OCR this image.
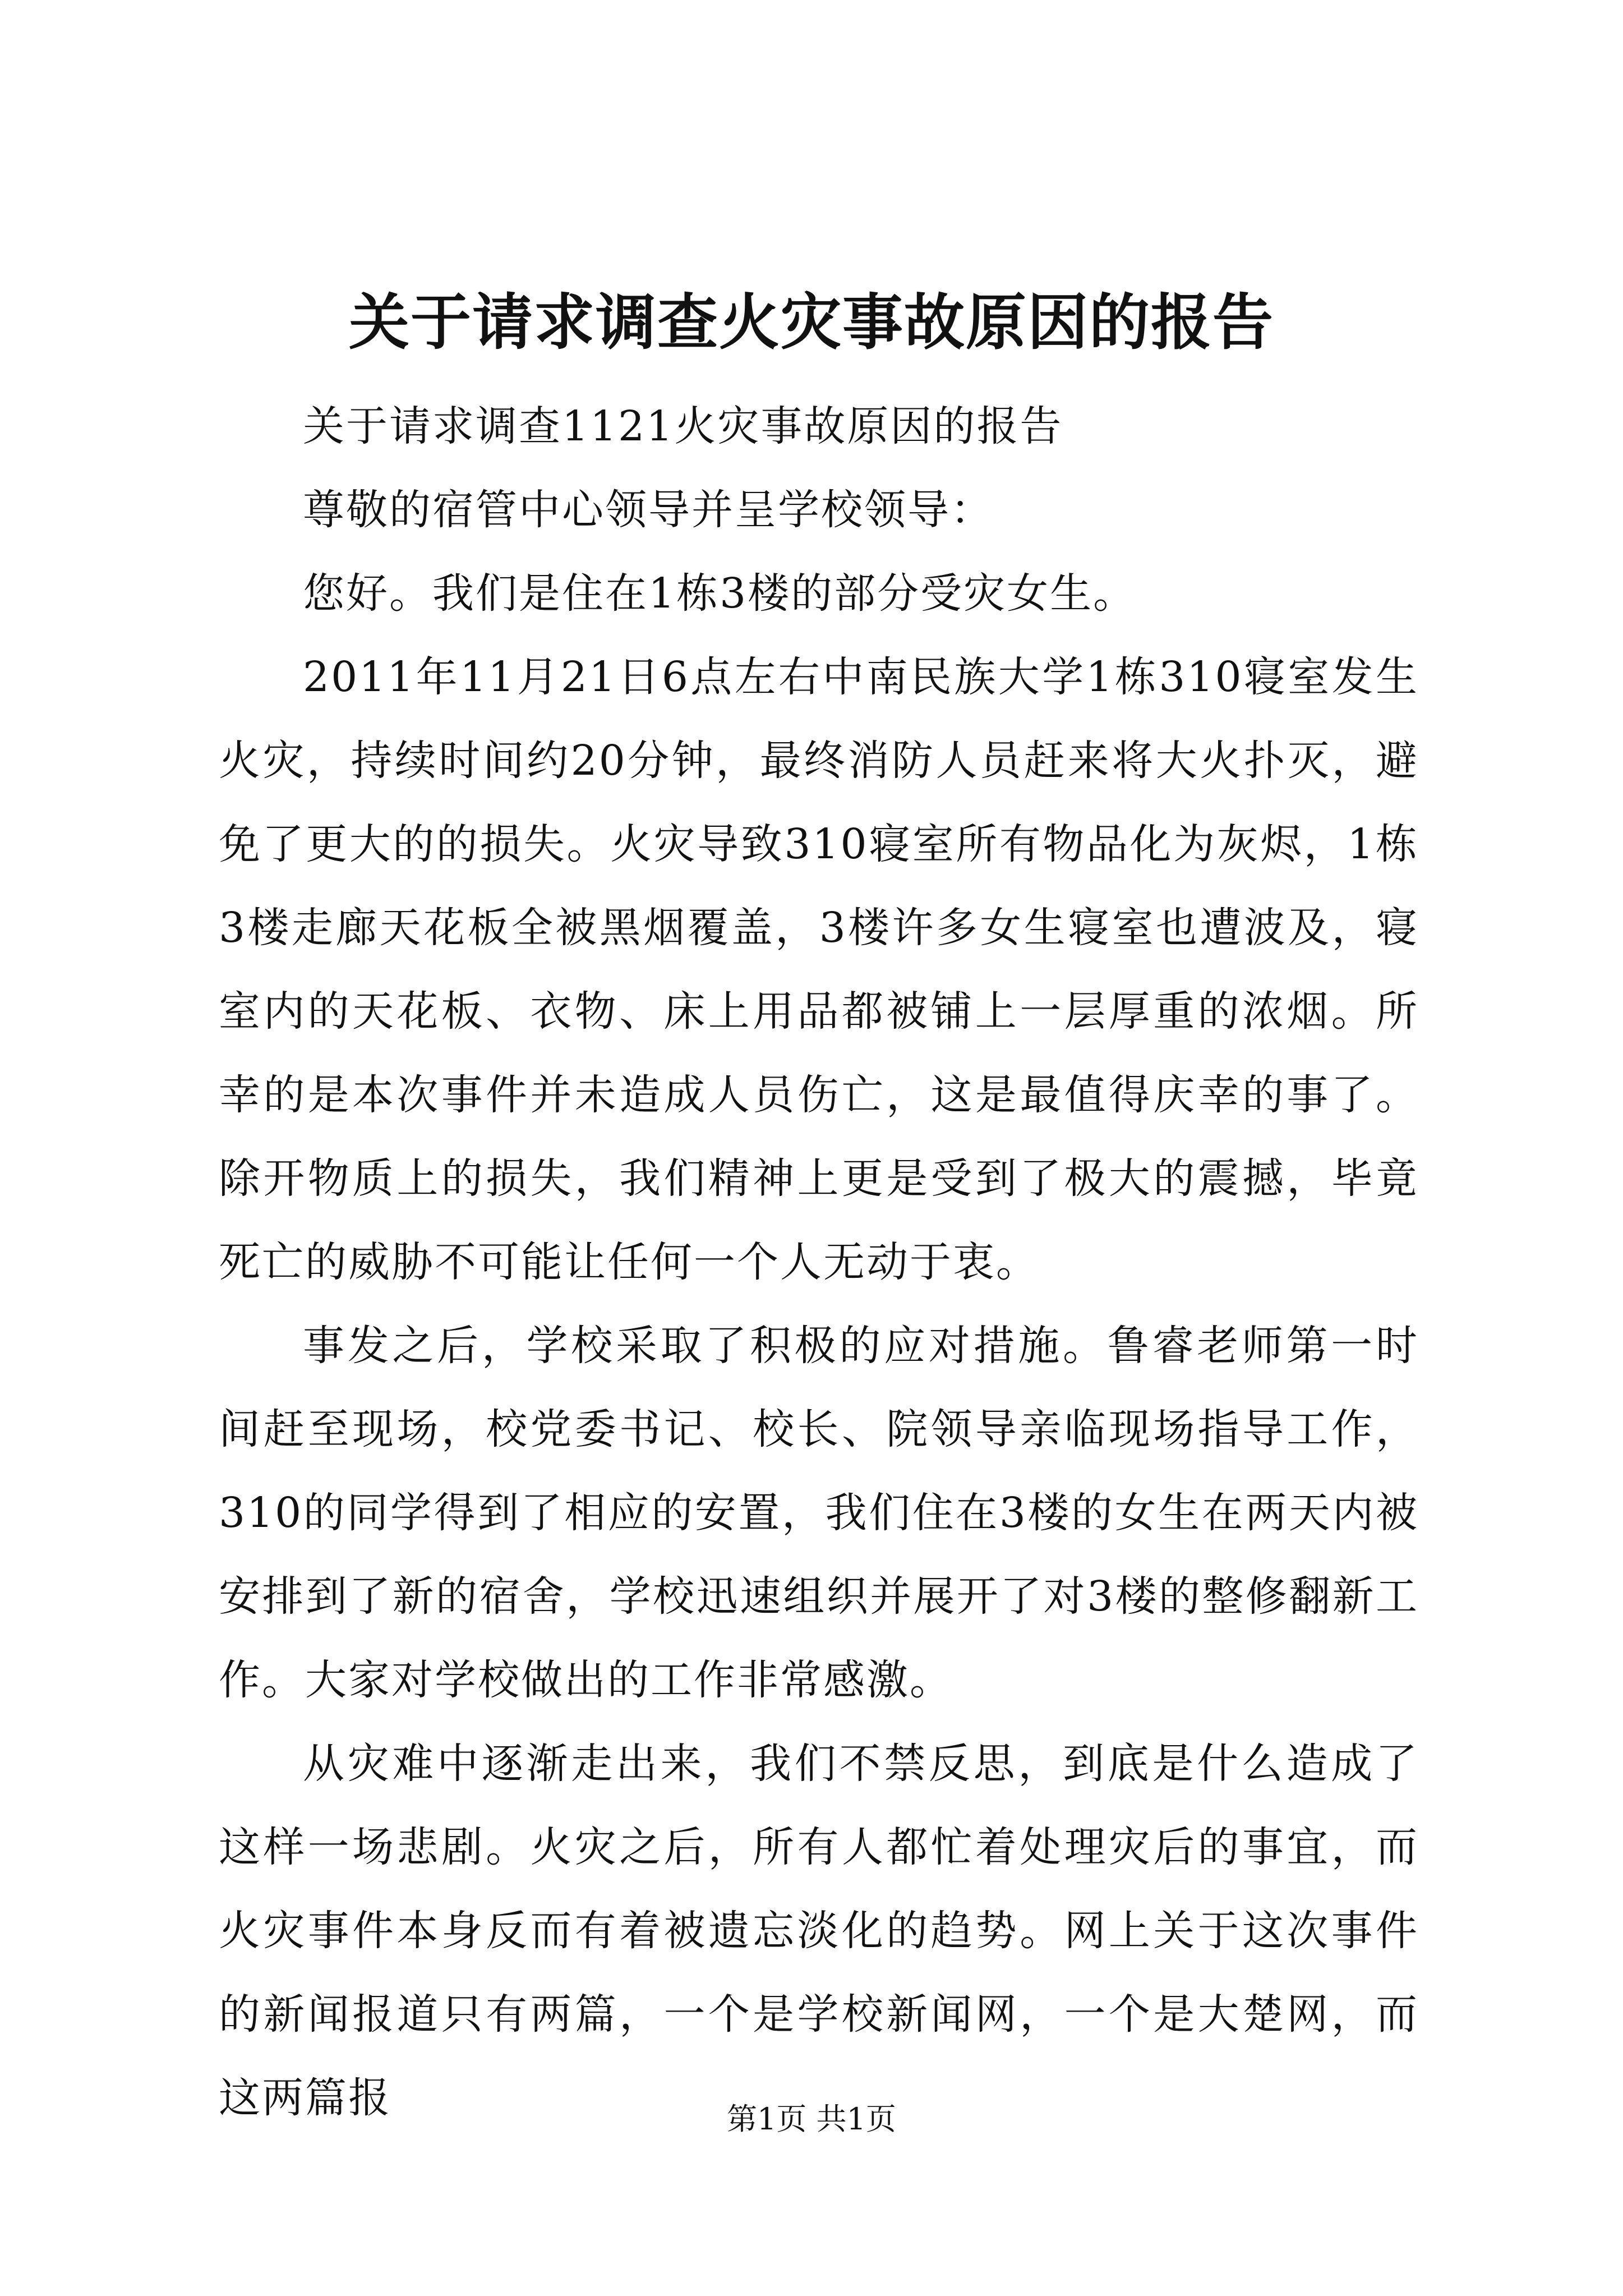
关于请求调查火灾事故原因的报告

关于请求调查1121火灾事故原因的报告

尊敬的宿管中心领导并呈学校领导：

您好。我们是住在1栋3楼的部分受灾女生。

2011年11月21日6点左右中南民族大学1栋310寝室发生火灾，持续时间约20分钟，最终消防人员赶来将大火扑灭，避免了更大的的损失。火灾导致310寝室所有物品化为灰烬，1栋3楼走廊天花板全被黑烟覆盖，3楼许多女生寝室也遭波及，寝室内的天花板、衣物、床上用品都被铺上一层厚重的浓烟。所幸的是本次事件并未造成人员伤亡，这是最值得庆幸的事了。除开物质上的损失，我们精神上更是受到了极大的震撼，毕竟死亡的威胁不可能让任何一个人无动于衷。

事发之后，学校采取了积极的应对措施。鲁睿老师第一时间赶至现场，校党委书记、校长、院领导亲临现场指导工作，310的同学得到了相应的安置，我们住在3楼的女生在两天内被安排到了新的宿舍，学校迅速组织并展开了对3楼的整修翻新工作。大家对学校做出的工作非常感激。

从灾难中逐渐走出来，我们不禁反思，到底是什么造成了这样一场悲剧。火灾之后，所有人都忙着处理灾后的事宜，而火灾事件本身反而有着被遗忘淡化的趋势。网上关于这次事件的新闻报道只有两篇，一个是学校新闻网，一个是大楚网，而这两篇报	第1页 共1页
